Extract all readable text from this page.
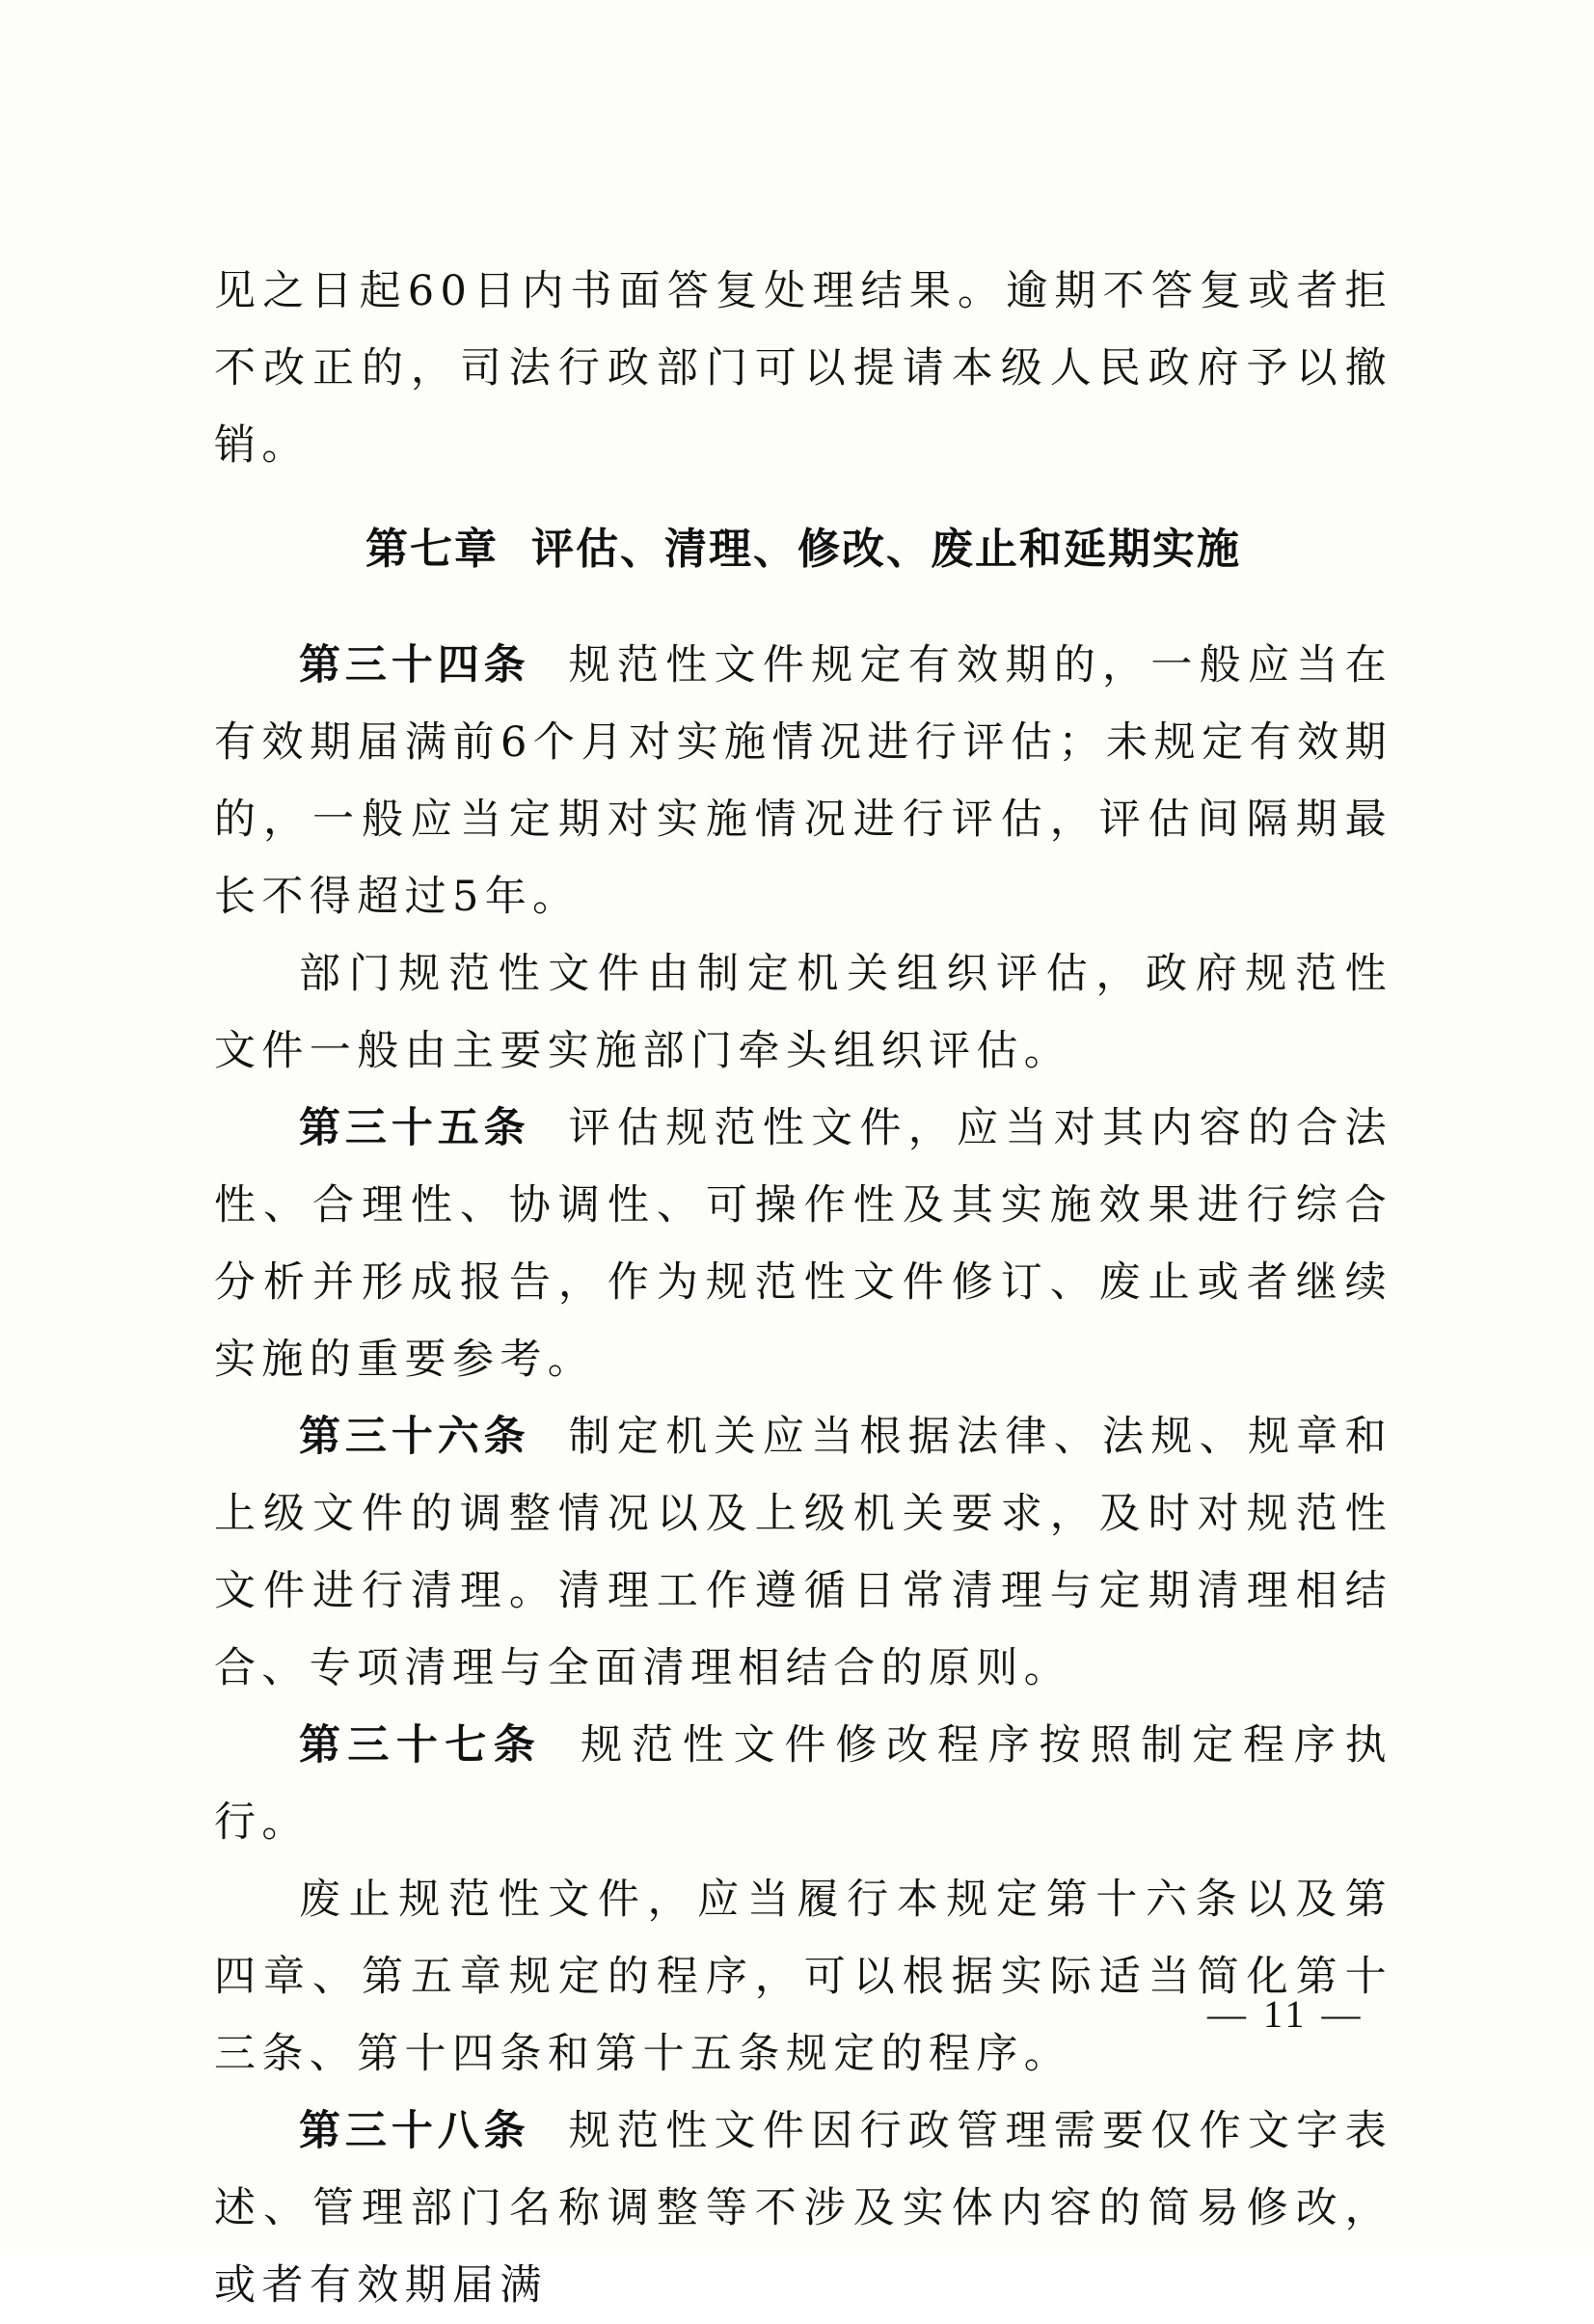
见之日起60日内书面答复处理结果。逾期不答复或者拒不改正的，司法行政部门可以提请本级人民政府予以撤销。

第七章 评估、清理、修改、废止和延期实施

第三十四条 规范性文件规定有效期的，一般应当在有效期届满前6个月对实施情况进行评估；未规定有效期的，一般应当定期对实施情况进行评估，评估间隔期最长不得超过5年。

部门规范性文件由制定机关组织评估，政府规范性文件一般由主要实施部门牵头组织评估。

第三十五条 评估规范性文件，应当对其内容的合法性、合理性、协调性、可操作性及其实施效果进行综合分析并形成报告，作为规范性文件修订、废止或者继续实施的重要参考。

第三十六条 制定机关应当根据法律、法规、规章和上级文件的调整情况以及上级机关要求，及时对规范性文件进行清理。清理工作遵循日常清理与定期清理相结合、专项清理与全面清理相结合的原则。

第三十七条 规范性文件修改程序按照制定程序执行。

废止规范性文件，应当履行本规定第十六条以及第四章、第五章规定的程序，可以根据实际适当简化第十三条、第十四条和第十五条规定的程序。

第三十八条 规范性文件因行政管理需要仅作文字表述、管理部门名称调整等不涉及实体内容的简易修改，或者有效期届满

— 11 —
